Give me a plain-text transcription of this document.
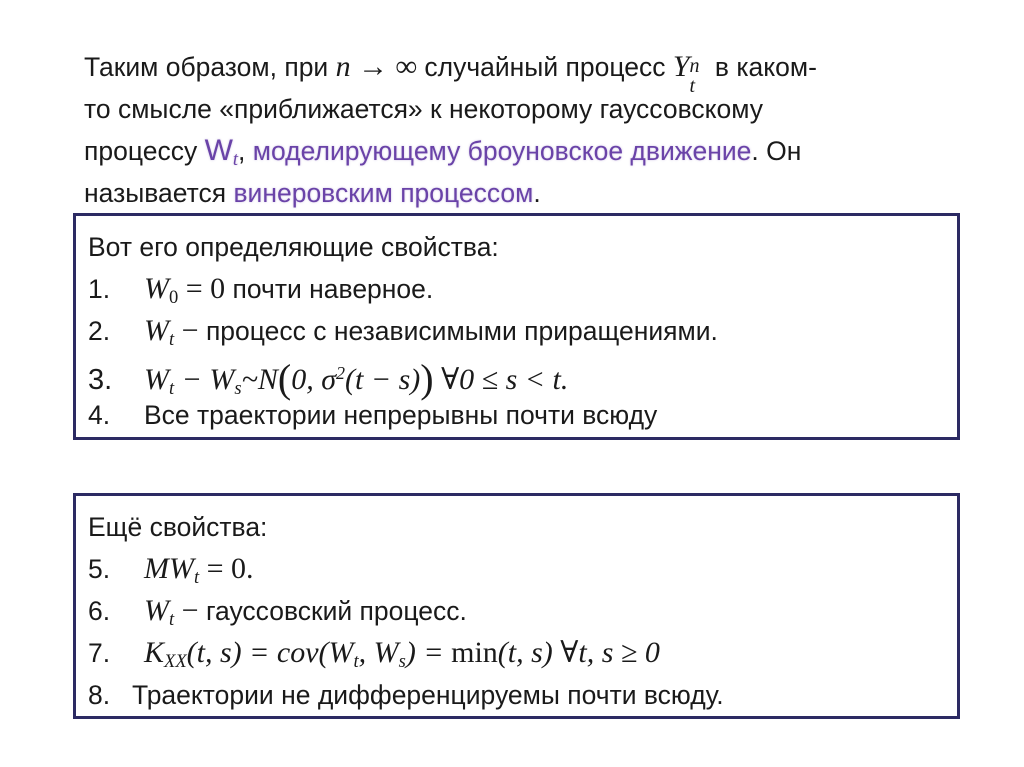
Таким образом, при n → ∞ случайный процесс Y n
t
в каком-
то смысле «приближается» к некоторому гауссовскому
процессу $W_t$, моделирующему броуновское движение. Он
называется винеровским процессом.
Вот его определяющие свойства:
1. $W_0 = 0$ почти наверное.
2. $W_t$ − процесс с независимыми приращениями.
3. $W_t$ − $W_s\sim N(0$, $\sigma^2(t - s)$) ∀0 ≤ s < t.
4. Все траектории непрерывны почти всюду
Ещё свойства:
5. $MW_t = 0$.
6. $W_t$ − гауссовский процесс.
7. $K_{XX}(t$, $s) = cov(W_t$, $W_s) = \min(t$, s) ∀t, s ≥ 0
8. Траектории не дифференцируемы почти всюду.
